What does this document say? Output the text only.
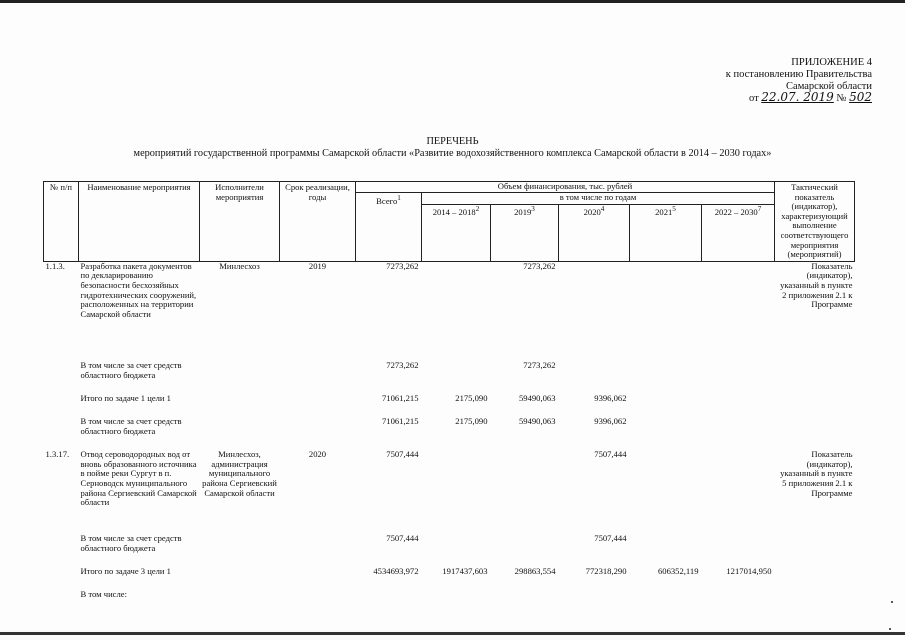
ПРИЛОЖЕНИЕ 4
к постановлению Правительства
Самарской области
от 22.07. 2019 № 502
ПЕРЕЧЕНЬ
мероприятий государственной программы Самарской области «Развитие водохозяйственного комплекса Самарской области в 2014 – 2030 годах»
№ п/п	Наименование мероприятия	Исполнители мероприятия	Срок реализации, годы	Объем финансирования, тыс. рублей						Тактический показатель (индикатор), характеризующий выполнение соответствующего мероприятия (мероприятий)
				Всего$^1$	в том числе по годам					
					2014 – 2018$^2$	2019$^3$	2020$^4$	2021$^5$	2022 – 2030$^7$
1.1.3.	Разработка пакета документов по декларированию безопасности бесхозяйных гидротехнических сооружений, расположенных на территории Самарской области	Минлесхоз	2019	7273,262		7273,262				Показатель (индикатор), указанный в пункте 2 приложения 2.1 к Программе
	В том числе за счет средств областного бюджета			7273,262		7273,262				
	Итого по задаче 1 цели 1			71061,215	2175,090	59490,063	9396,062			
	В том числе за счет средств областного бюджета			71061,215	2175,090	59490,063	9396,062			
1.3.17.	Отвод сероводородных вод от вновь образованного источника в пойме реки Сургут в п. Серноводск муниципального района Сергиевский Самарской области	Минлесхоз, администрация муниципального района Сергиевский Самарской области	2020	7507,444			7507,444			Показатель (индикатор), указанный в пункте 5 приложения 2.1 к Программе
	В том числе за счет средств областного бюджета			7507,444			7507,444			
	Итого по задаче 3 цели 1			4534693,972	1917437,603	298863,554	772318,290	606352,119	1217014,950	
	В том числе:									
